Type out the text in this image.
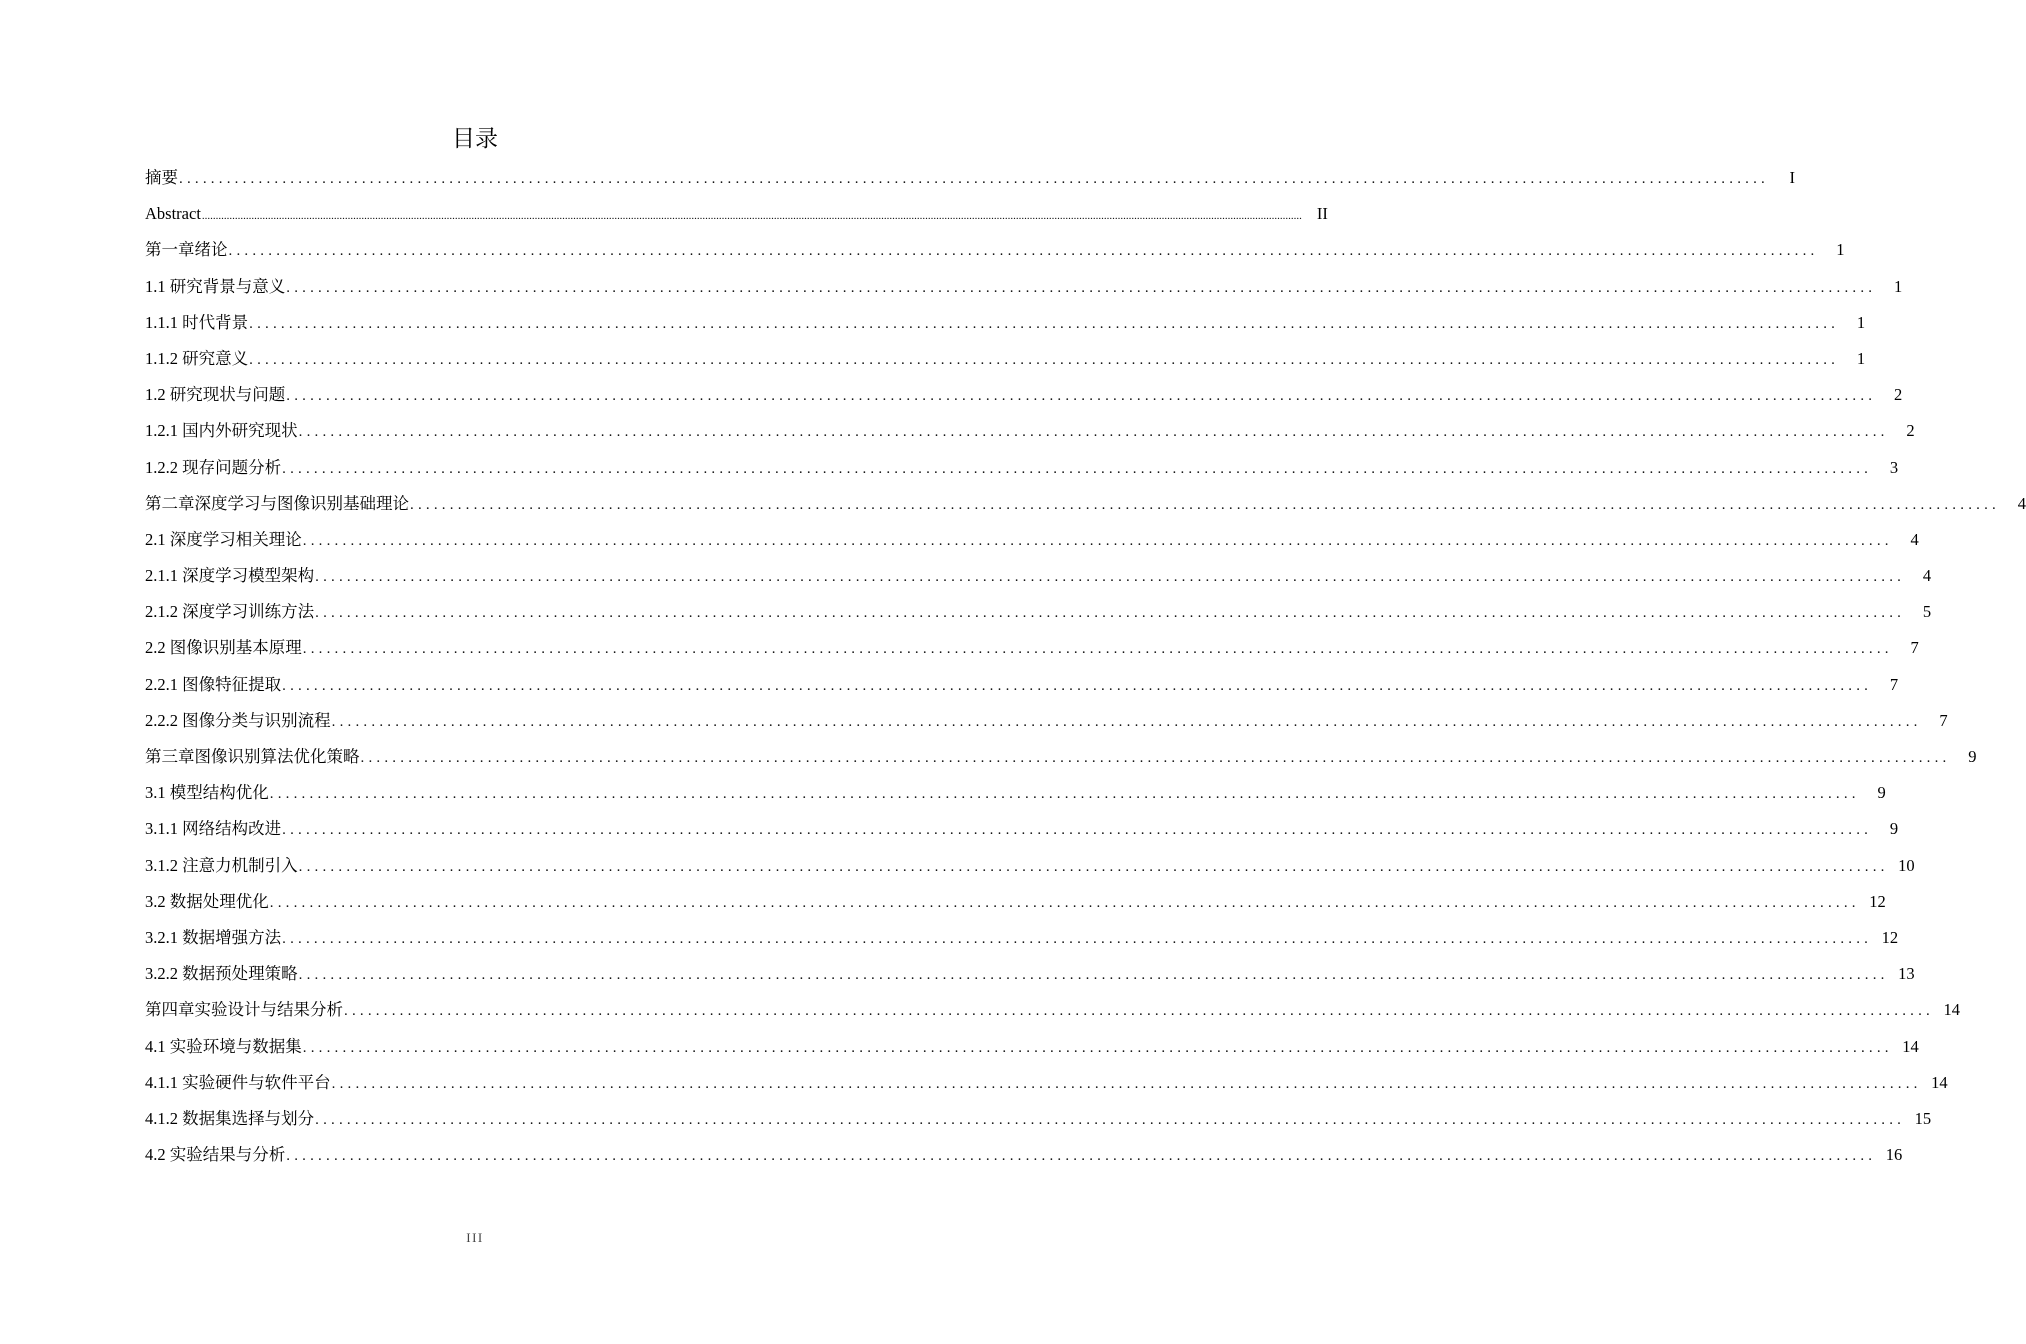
目录
摘要 ........................................................................................................................................................................................................	I
Abstract ................................................................................................................................................................................................................................................................................................................................................................................................................ II
第一章绪论 ........................................................................................................................................................................................................	1
1.1 研究背景与意义 ........................................................................................................................................................................................................	1
1.1.1 时代背景 ........................................................................................................................................................................................................	1
1.1.2 研究意义 ........................................................................................................................................................................................................	1
1.2 研究现状与问题 ........................................................................................................................................................................................................	2
1.2.1 国内外研究现状 ........................................................................................................................................................................................................	2
1.2.2 现存问题分析 ........................................................................................................................................................................................................	3
第二章深度学习与图像识别基础理论 ........................................................................................................................................................................................................	4
2.1 深度学习相关理论 ........................................................................................................................................................................................................	4
2.1.1 深度学习模型架构 ........................................................................................................................................................................................................	4
2.1.2 深度学习训练方法 ........................................................................................................................................................................................................	5
2.2 图像识别基本原理 ........................................................................................................................................................................................................	7
2.2.1 图像特征提取 ........................................................................................................................................................................................................	7
2.2.2 图像分类与识别流程 ........................................................................................................................................................................................................	7
第三章图像识别算法优化策略 ........................................................................................................................................................................................................	9
3.1 模型结构优化 ........................................................................................................................................................................................................	9
3.1.1 网络结构改进 ........................................................................................................................................................................................................	9
3.1.2 注意力机制引入 ........................................................................................................................................................................................................ 10
3.2 数据处理优化 ........................................................................................................................................................................................................ 12
3.2.1 数据增强方法 ........................................................................................................................................................................................................ 12
3.2.2 数据预处理策略 ........................................................................................................................................................................................................ 13
第四章实验设计与结果分析 ........................................................................................................................................................................................................ 14
4.1 实验环境与数据集 ........................................................................................................................................................................................................ 14
4.1.1 实验硬件与软件平台 ........................................................................................................................................................................................................ 14
4.1.2 数据集选择与划分 ........................................................................................................................................................................................................ 15
4.2 实验结果与分析 ........................................................................................................................................................................................................ 16
III
